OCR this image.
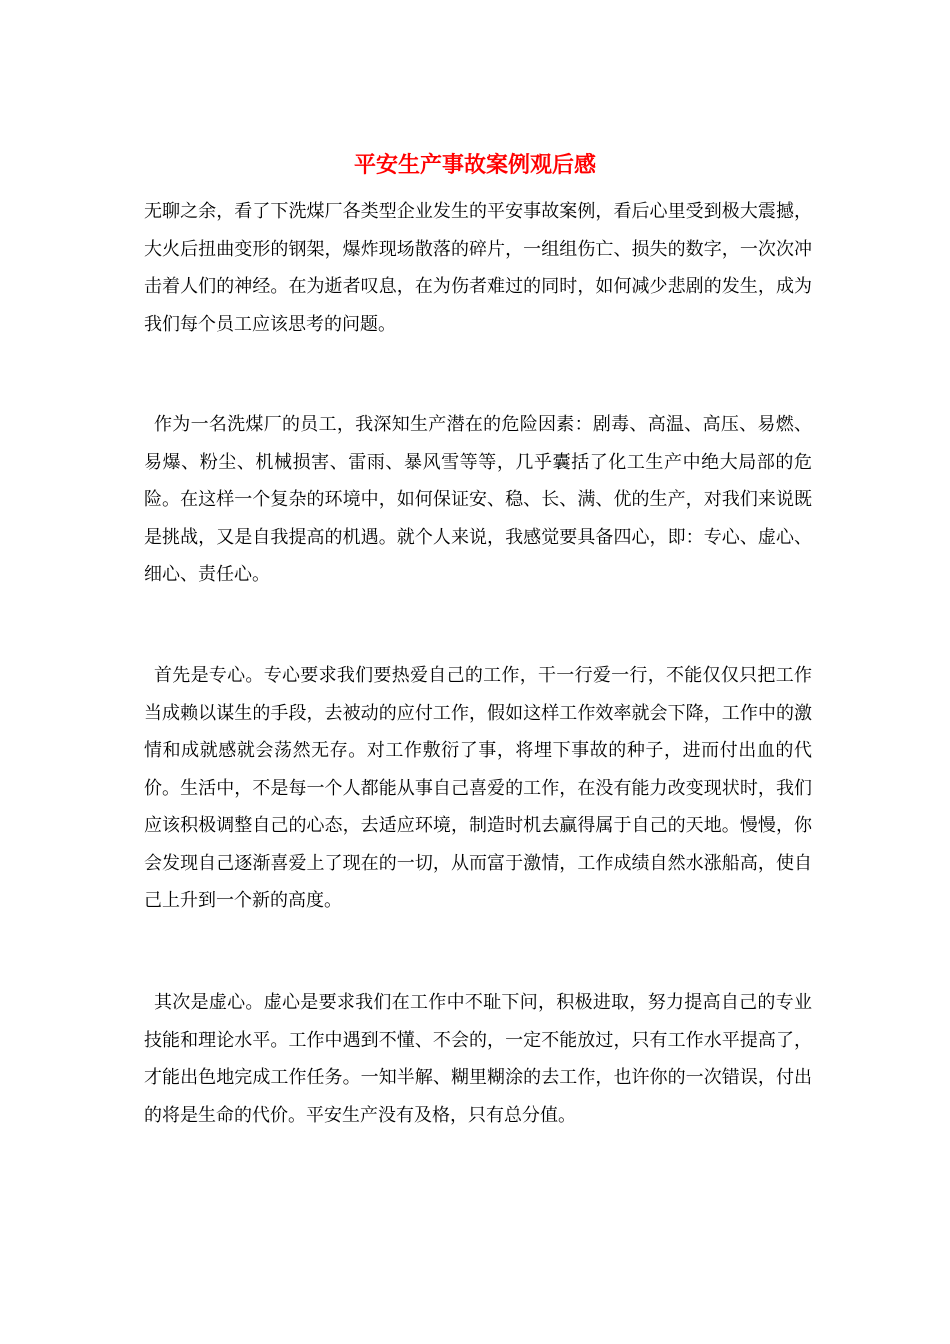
平安生产事故案例观后感

无聊之余，看了下洗煤厂各类型企业发生的平安事故案例，看后心里受到极大震撼，大火后扭曲变形的钢架，爆炸现场散落的碎片，一组组伤亡、损失的数字，一次次冲击着人们的神经。在为逝者叹息，在为伤者难过的同时，如何减少悲剧的发生，成为我们每个员工应该思考的问题。

作为一名洗煤厂的员工，我深知生产潜在的危险因素：剧毒、高温、高压、易燃、易爆、粉尘、机械损害、雷雨、暴风雪等等，几乎囊括了化工生产中绝大局部的危险。在这样一个复杂的环境中，如何保证安、稳、长、满、优的生产，对我们来说既是挑战，又是自我提高的机遇。就个人来说，我感觉要具备四心，即：专心、虚心、细心、责任心。

首先是专心。专心要求我们要热爱自己的工作，干一行爱一行，不能仅仅只把工作当成赖以谋生的手段，去被动的应付工作，假如这样工作效率就会下降，工作中的激情和成就感就会荡然无存。对工作敷衍了事，将埋下事故的种子，进而付出血的代价。生活中，不是每一个人都能从事自己喜爱的工作，在没有能力改变现状时，我们应该积极调整自己的心态，去适应环境，制造时机去赢得属于自己的天地。慢慢，你会发现自己逐渐喜爱上了现在的一切，从而富于激情，工作成绩自然水涨船高，使自己上升到一个新的高度。

其次是虚心。虚心是要求我们在工作中不耻下问，积极进取，努力提高自己的专业技能和理论水平。工作中遇到不懂、不会的，一定不能放过，只有工作水平提高了，才能出色地完成工作任务。一知半解、糊里糊涂的去工作，也许你的一次错误，付出的将是生命的代价。平安生产没有及格，只有总分值。
